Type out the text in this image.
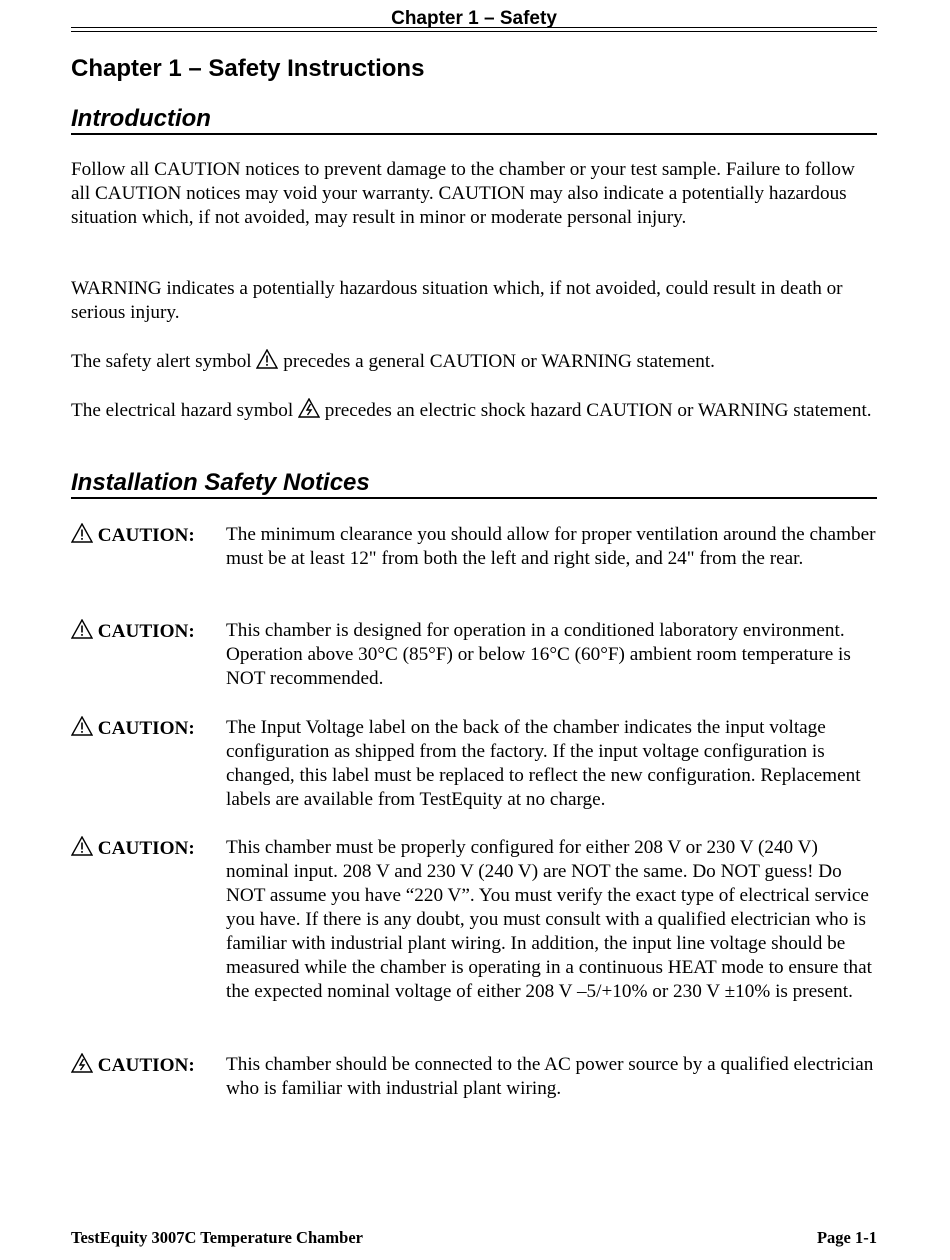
Chapter 1 – Safety
Chapter 1 – Safety Instructions
Introduction

Follow all CAUTION notices to prevent damage to the chamber or your test sample. Failure to follow all CAUTION notices may void your warranty. CAUTION may also indicate a potentially hazardous situation which, if not avoided, may result in minor or moderate personal injury.

WARNING indicates a potentially hazardous situation which, if not avoided, could result in death or serious injury.

The safety alert symbol  precedes a general CAUTION or WARNING statement.

The electrical hazard symbol  precedes an electric shock hazard CAUTION or WARNING statement.

Installation Safety Notices
CAUTION:	The minimum clearance you should allow for proper ventilation around the chamber must be at least 12" from both the left and right side, and 24" from the rear.

CAUTION:	This chamber is designed for operation in a conditioned laboratory environment. Operation above 30°C (85°F) or below 16°C (60°F) ambient room temperature is NOT recommended.

CAUTION:	The Input Voltage label on the back of the chamber indicates the input voltage configuration as shipped from the factory. If the input voltage configuration is changed, this label must be replaced to reflect the new configuration. Replacement labels are available from TestEquity at no charge.

CAUTION:	This chamber must be properly configured for either 208 V or 230 V (240 V) nominal input. 208 V and 230 V (240 V) are NOT the same. Do NOT guess! Do NOT assume you have “220 V”. You must verify the exact type of electrical service you have. If there is any doubt, you must consult with a qualified electrician who is familiar with industrial plant wiring. In addition, the input line voltage should be measured while the chamber is operating in a continuous HEAT mode to ensure that the expected nominal voltage of either 208 V –5/+10% or 230 V ±10% is present.

CAUTION:	This chamber should be connected to the AC power source by a qualified electrician who is familiar with industrial plant wiring.

TestEquity 3007C Temperature Chamber	Page 1-1
